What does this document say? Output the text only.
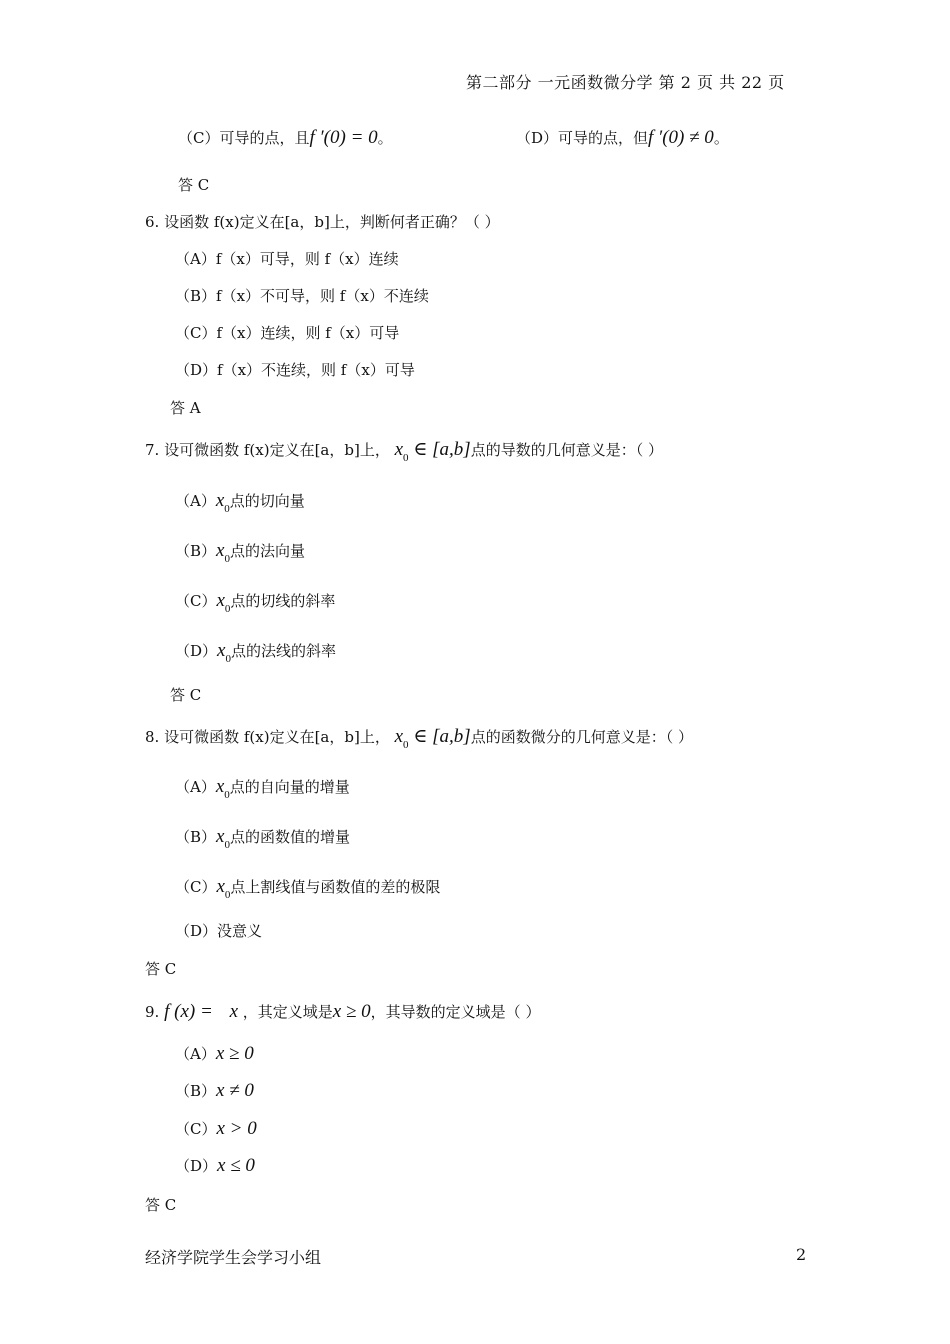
第二部分 一元函数微分学 第 2 页 共 22 页
（C）可导的点，且f ′(0) = 0。	（D）可导的点，但f ′(0) ≠ 0。
答 C
6. 设函数 f(x)定义在[a，b]上，判断何者正确？（ ）
（A）f（x）可导，则 f（x）连续
（B）f（x）不可导，则 f（x）不连续
（C）f（x）连续，则 f（x）可导
（D）f（x）不连续，则 f（x）可导
答 A
7. 设可微函数 f(x)定义在[a，b]上， $x_0$ ∈ [a,b]点的导数的几何意义是：（ ）
$(A)x_0$点的切向量
$(B)x_0$点的法向量
$(C)x_0$点的切线的斜率
$(D)x_0$点的法线的斜率
答 C
8. 设可微函数 f(x)定义在[a，b]上， $x_0$ ∈ [a,b]点的函数微分的几何意义是：（ ）
$(A)x_0$点的自向量的增量
$(B)x_0$点的函数值的增量
$(C)x_0$点上割线值与函数值的差的极限
（D）没意义
答 C
9. f (x) = x ，其定义域是x ≥ 0，其导数的定义域是（ ）
（A）x ≥ 0
（B）x ≠ 0
（C）x > 0
（D）x ≤ 0
答 C
经济学院学生会学习小组	2
